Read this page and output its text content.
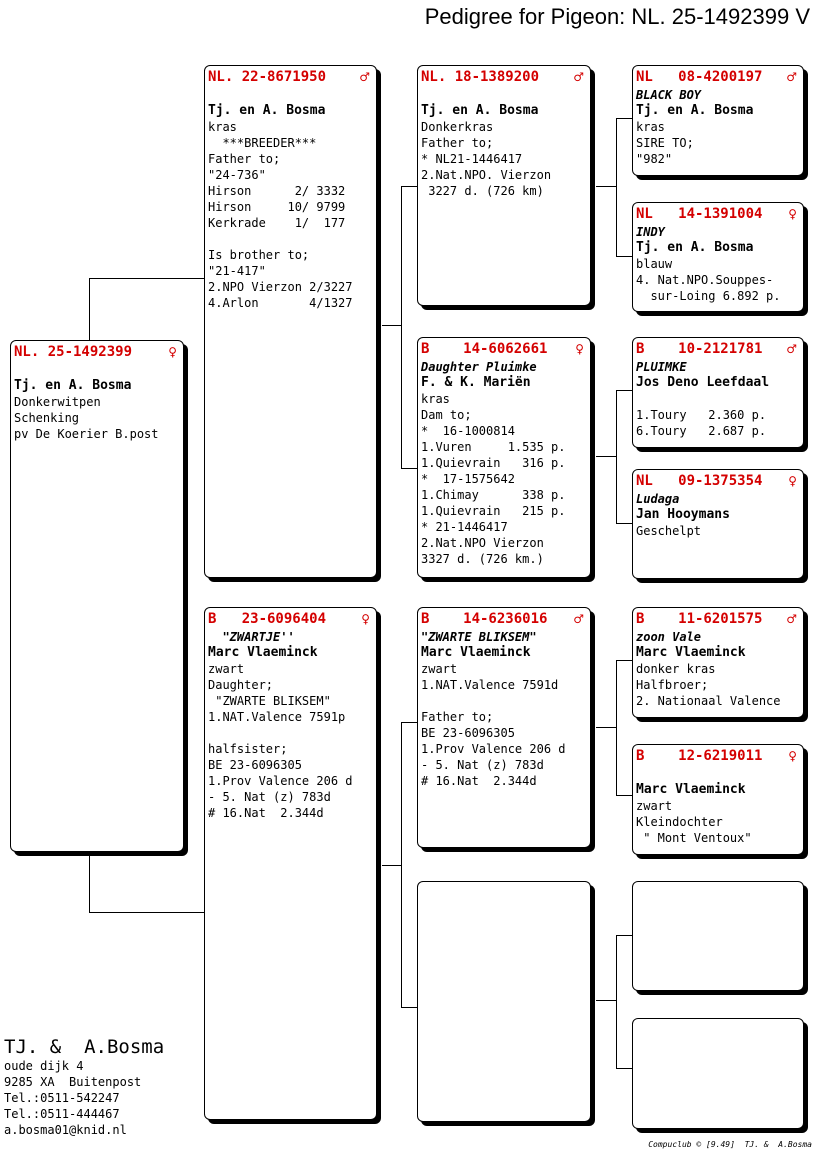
Pedigree for Pigeon: NL. 25-1492399 V
NL. 25-1492399	♀
Tj. en A. Bosma
Donkerwitpen
Schenking
pv De Koerier B.post
NL. 22-8671950	♂
Tj. en A. Bosma
kras
***BREEDER***
Father to;
"24-736"
Hirson      2/ 3332
Hirson     10/ 9799
Kerkrade    1/  177
Is brother to;
"21-417"
2.NPO Vierzon 2/3227
4.Arlon       4/1327
B   23-6096404	♀
"ZWARTJE''
Marc Vlaeminck
zwart
Daughter;
"ZWARTE BLIKSEM"
1.NAT.Valence 7591p
halfsister;
BE 23-6096305
1.Prov Valence 206 d
- 5. Nat (z) 783d
# 16.Nat  2.344d
NL. 18-1389200	♂
Tj. en A. Bosma
Donkerkras
Father to;
* NL21-1446417
2.Nat.NPO. Vierzon
3227 d. (726 km)
B    14-6062661 ♀
Daughter Pluimke
F. & K. Mariën
kras
Dam to;
*  16-1000814
1.Vuren     1.535 p.
1.Quievrain   316 p.
*  17-1575642
1.Chimay      338 p.
1.Quievrain   215 p.
* 21-1446417
2.Nat.NPO Vierzon
3327 d. (726 km.)
B    14-6236016 ♂
"ZWARTE BLIKSEM"
Marc Vlaeminck
zwart
1.NAT.Valence 7591d
Father to;
BE 23-6096305
1.Prov Valence 206 d
- 5. Nat (z) 783d
# 16.Nat  2.344d
NL   08-4200197 ♂
BLACK BOY
Tj. en A. Bosma
kras
SIRE TO;
"982"
NL   14-1391004 ♀
INDY
Tj. en A. Bosma
blauw
4. Nat.NPO.Souppes-
sur-Loing 6.892 p.
B    10-2121781 ♂
PLUIMKE
Jos Deno Leefdaal
1.Toury   2.360 p.
6.Toury   2.687 p.
NL   09-1375354 ♀
Ludaga
Jan Hooymans
Geschelpt
B    11-6201575 ♂
zoon Vale
Marc Vlaeminck
donker kras
Halfbroer;
2. Nationaal Valence
B    12-6219011 ♀
Marc Vlaeminck
zwart
Kleindochter
" Mont Ventoux"
TJ. &  A.Bosma
oude dijk 4
9285 XA  Buitenpost
Tel.:0511-542247
Tel.:0511-444467
a.bosma01@knid.nl
Compuclub © [9.49]  TJ. &  A.Bosma
